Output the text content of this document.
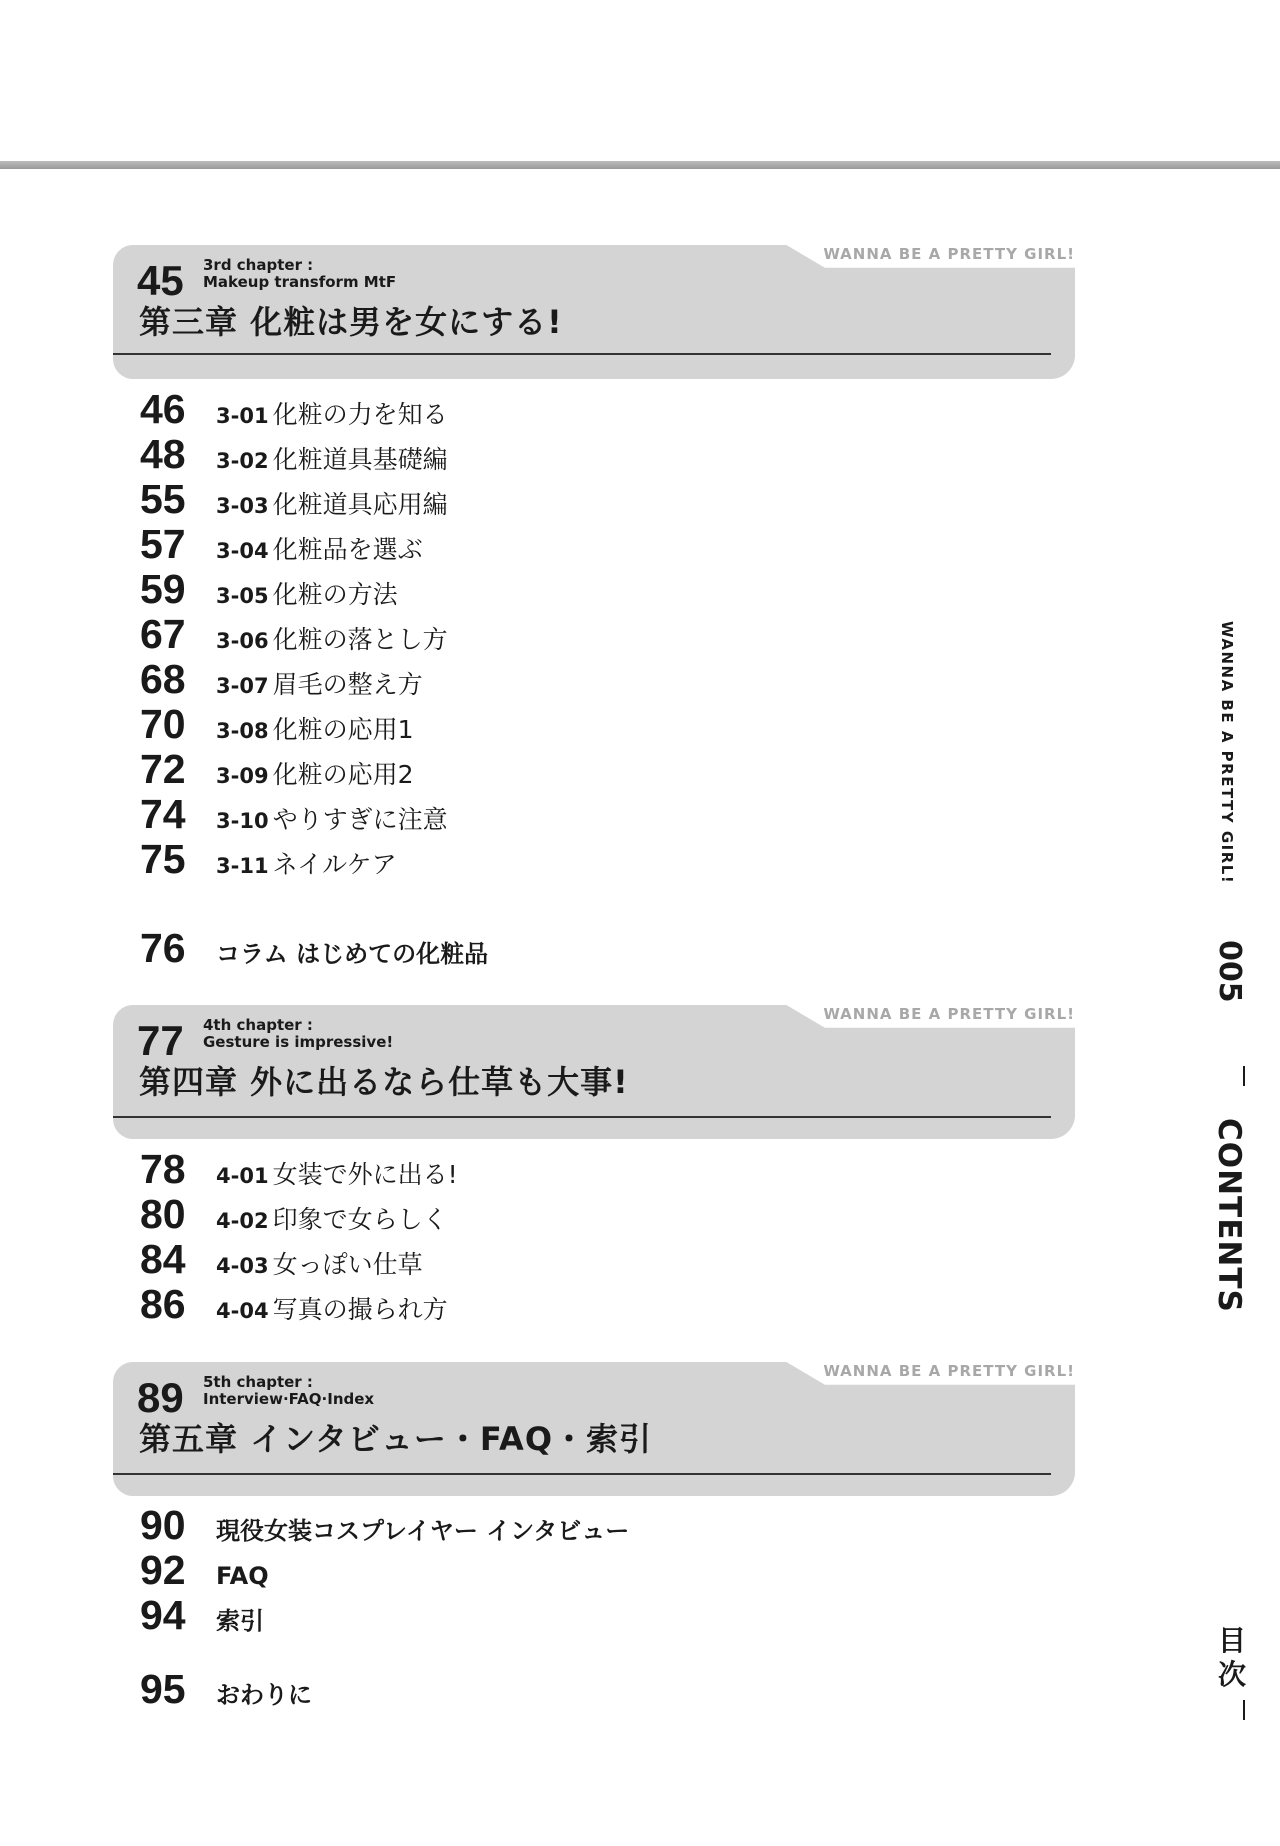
WANNA BE A PRETTY GIRL!
45 3rd chapter :
Makeup transform MtF
第三章 化粧は男を女にする!
46	3-01 化粧の力を知る
48	3-02 化粧道具基礎編
55	3-03 化粧道具応用編
57	3-04 化粧品を選ぶ
59	3-05 化粧の方法
67	3-06 化粧の落とし方
68	3-07 眉毛の整え方
70	3-08 化粧の応用1
72	3-09 化粧の応用2
74	3-10 やりすぎに注意
75	3-11 ネイルケア
76	コラム はじめての化粧品
WANNA BE A PRETTY GIRL!
77 4th chapter :
Gesture is impressive!
第四章 外に出るなら仕草も大事!
78	4-01 女装で外に出る!
80	4-02 印象で女らしく
84	4-03 女っぽい仕草
86	4-04 写真の撮られ方
WANNA BE A PRETTY GIRL!
89 5th chapter :
Interview·FAQ·Index
第五章 インタビュー・FAQ・索引
90	現役女装コスプレイヤー インタビュー
92	FAQ
94	索引
95	おわりに
WANNA BE A PRETTY GIRL!
005
CONTENTS
目
次
